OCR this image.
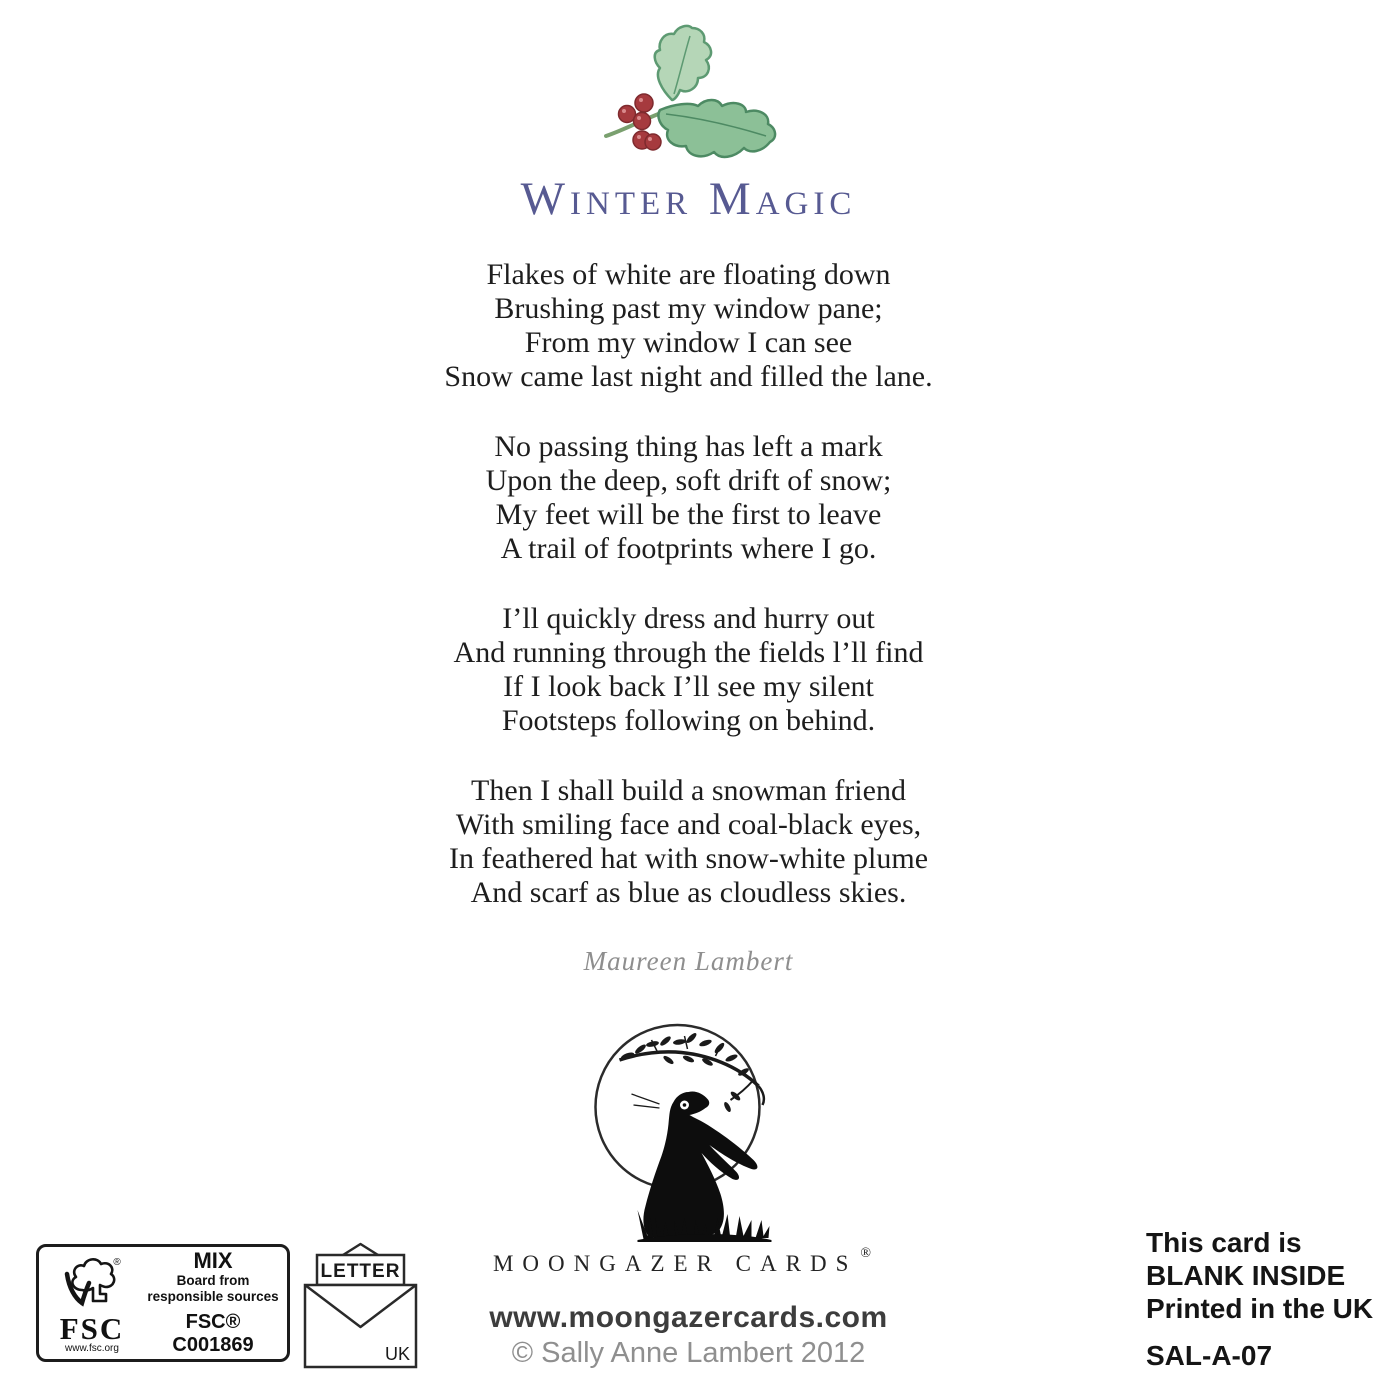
Winter Magic
Flakes of white are floating down
Brushing past my window pane;
From my window I can see
Snow came last night and filled the lane.
No passing thing has left a mark
Upon the deep, soft drift of snow;
My feet will be the first to leave
A trail of footprints where I go.
I’ll quickly dress and hurry out
And running through the fields l’ll find
If I look back I’ll see my silent
Footsteps following on behind.
Then I shall build a snowman friend
With smiling face and coal-black eyes,
In feathered hat with snow-white plume
And scarf as blue as cloudless skies.
Maureen Lambert
MOONGAZER CARDS ®
www.moongazercards.com
© Sally Anne Lambert 2012
®
FSC
www.fsc.org
MIX
Board from
responsible sources
FSC® C001869
LETTER
UK
This card is
BLANK INSIDE
Printed in the UK
SAL-A-07
